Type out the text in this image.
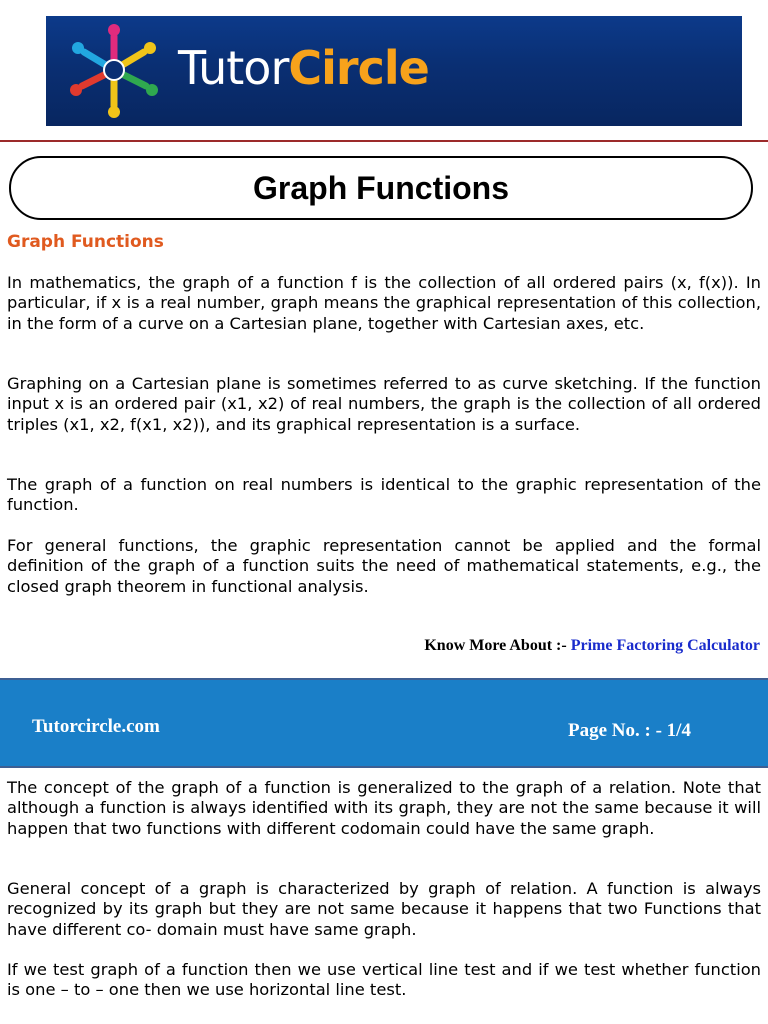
TutorCircle
Graph Functions
Graph Functions

In mathematics, the graph of a function f is the collection of all ordered pairs (x, f(x)). In particular, if x is a real number, graph means the graphical representation of this collection, in the form of a curve on a Cartesian plane, together with Cartesian axes, etc.

Graphing on a Cartesian plane is sometimes referred to as curve sketching. If the function input x is an ordered pair (x1, x2) of real numbers, the graph is the collection of all ordered triples (x1, x2, f(x1, x2)), and its graphical representation is a surface.

The graph of a function on real numbers is identical to the graphic representation of the function.

For general functions, the graphic representation cannot be applied and the formal definition of the graph of a function suits the need of mathematical statements, e.g., the closed graph theorem in functional analysis.

Know More About :- Prime Factoring Calculator
Tutorcircle.com	Page No. : - 1/4

The concept of the graph of a function is generalized to the graph of a relation. Note that although a function is always identified with its graph, they are not the same because it will happen that two functions with different codomain could have the same graph.

General concept of a graph is characterized by graph of relation. A function is always recognized by its graph but they are not same because it happens that two Functions that have different co- domain must have same graph.

If we test graph of a function then we use vertical line test and if we test whether function is one – to – one then we use horizontal line test.
